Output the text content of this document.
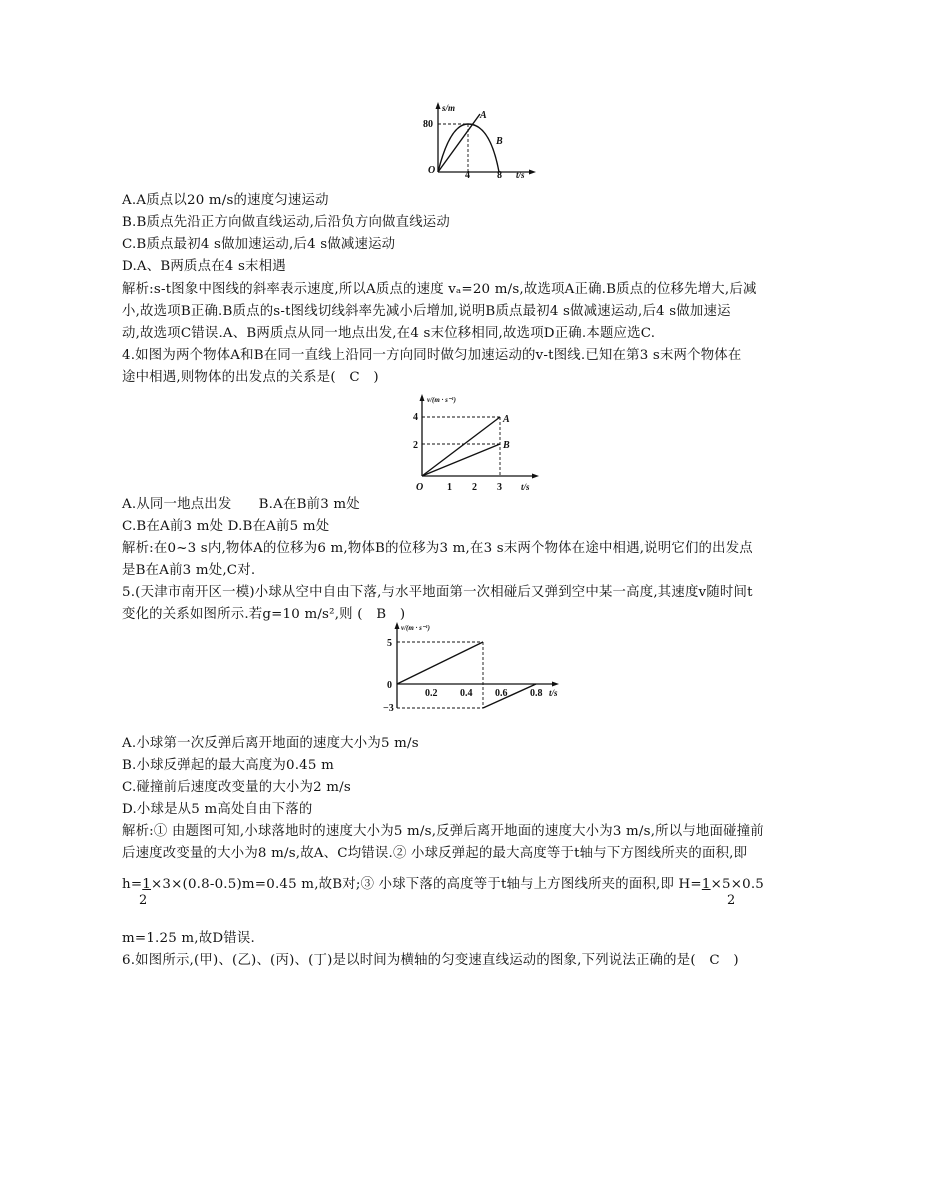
s/m
80
O	4	8 t/s
A
B
A.A质点以20 m/s的速度匀速运动
B.B质点先沿正方向做直线运动,后沿负方向做直线运动
C.B质点最初4 s做加速运动,后4 s做减速运动
D.A、B两质点在4 s末相遇
解析:s-t图象中图线的斜率表示速度,所以A质点的速度 vₐ=20 m/s,故选项A正确.B质点的位移先增大,后减
小,故选项B正确.B质点的s-t图线切线斜率先减小后增加,说明B质点最初4 s做减速运动,后4 s做加速运
动,故选项C错误.A、B两质点从同一地点出发,在4 s末位移相同,故选项D正确.本题应选C.
4.如图为两个物体A和B在同一直线上沿同一方向同时做匀加速运动的v-t图线.已知在第3 s末两个物体在
途中相遇,则物体的出发点的关系是(　C　)
v/(m · s⁻¹)
4
2
O 1 2 3 t/s
A
B
A.从同一地点出发　　B.A在B前3 m处
C.B在A前3 m处 D.B在A前5 m处
解析:在0~3 s内,物体A的位移为6 m,物体B的位移为3 m,在3 s末两个物体在途中相遇,说明它们的出发点
是B在A前3 m处,C对.
5.(天津市南开区一模)小球从空中自由下落,与水平地面第一次相碰后又弹到空中某一高度,其速度v随时间t
变化的关系如图所示.若g=10 m/s²,则 (　B　)
v/(m · s⁻¹)
5
0
−3
0.2 0.4 0.6 0.8 t/s
A.小球第一次反弹后离开地面的速度大小为5 m/s
B.小球反弹起的最大高度为0.45 m
C.碰撞前后速度改变量的大小为2 m/s
D.小球是从5 m高处自由下落的
解析:① 由题图可知,小球落地时的速度大小为5 m/s,反弹后离开地面的速度大小为3 m/s,所以与地面碰撞前
后速度改变量的大小为8 m/s,故A、C均错误.② 小球反弹起的最大高度等于t轴与下方图线所夹的面积,即
h=1×3×(0.8-0.5)m=0.45 m,故B对;③ 小球下落的高度等于t轴与上方图线所夹的面积,即 H=1×5×0.5
2	2
m=1.25 m,故D错误.
6.如图所示,(甲)、(乙)、(丙)、(丁)是以时间为横轴的匀变速直线运动的图象,下列说法正确的是(　C　)
